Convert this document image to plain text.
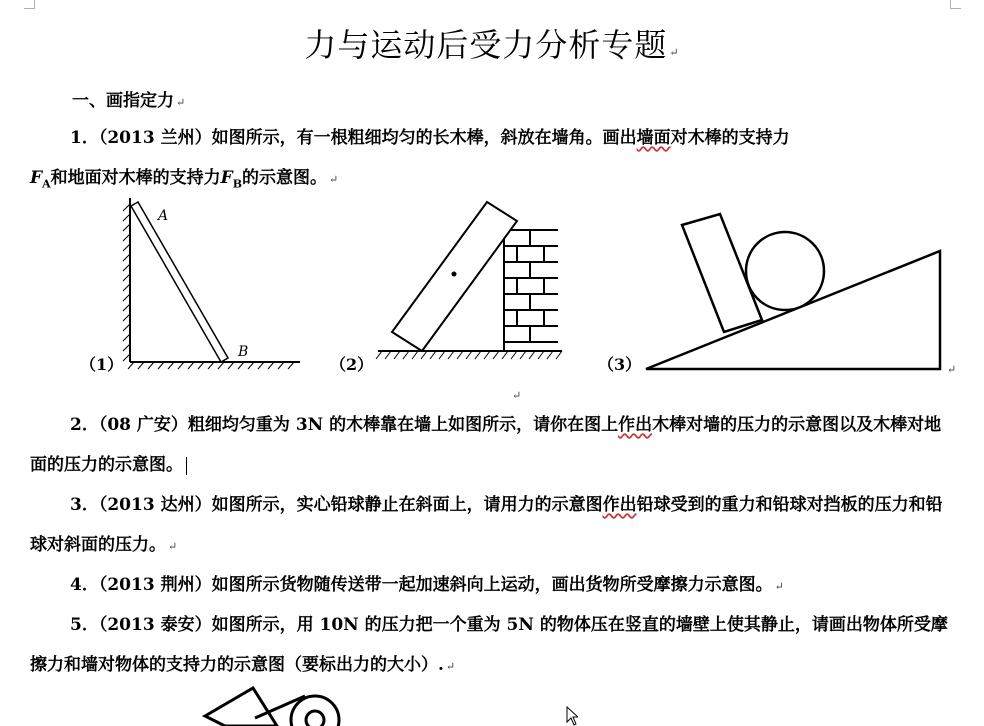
力与运动后受力分析专题 ↵
一、画指定力 ↵
1．（2013 兰州）如图所示，有一根粗细均匀的长木棒，斜放在墙角。画出墙面对木棒的支持力
$F_A$和地面对木棒的支持力$F_B$的示意图。 ↵
（1）
A
B
（2）	（3）	↵
↵
2．（08 广安）粗细均匀重为 3N 的木棒靠在墙上如图所示，请你在图上作出木棒对墙的压力的示意图以及木棒对地面的压力的示意图。
3．（2013 达州）如图所示，实心铅球静止在斜面上，请用力的示意图作出铅球受到的重力和铅球对挡板的压力和铅球对斜面的压力。 ↵
4．（2013 荆州）如图所示货物随传送带一起加速斜向上运动，画出货物所受摩擦力示意图。 ↵
5．（2013 泰安）如图所示，用 10N 的压力把一个重为 5N 的物体压在竖直的墙壁上使其静止，请画出物体所受摩擦力和墙对物体的支持力的示意图（要标出力的大小）. ↵
